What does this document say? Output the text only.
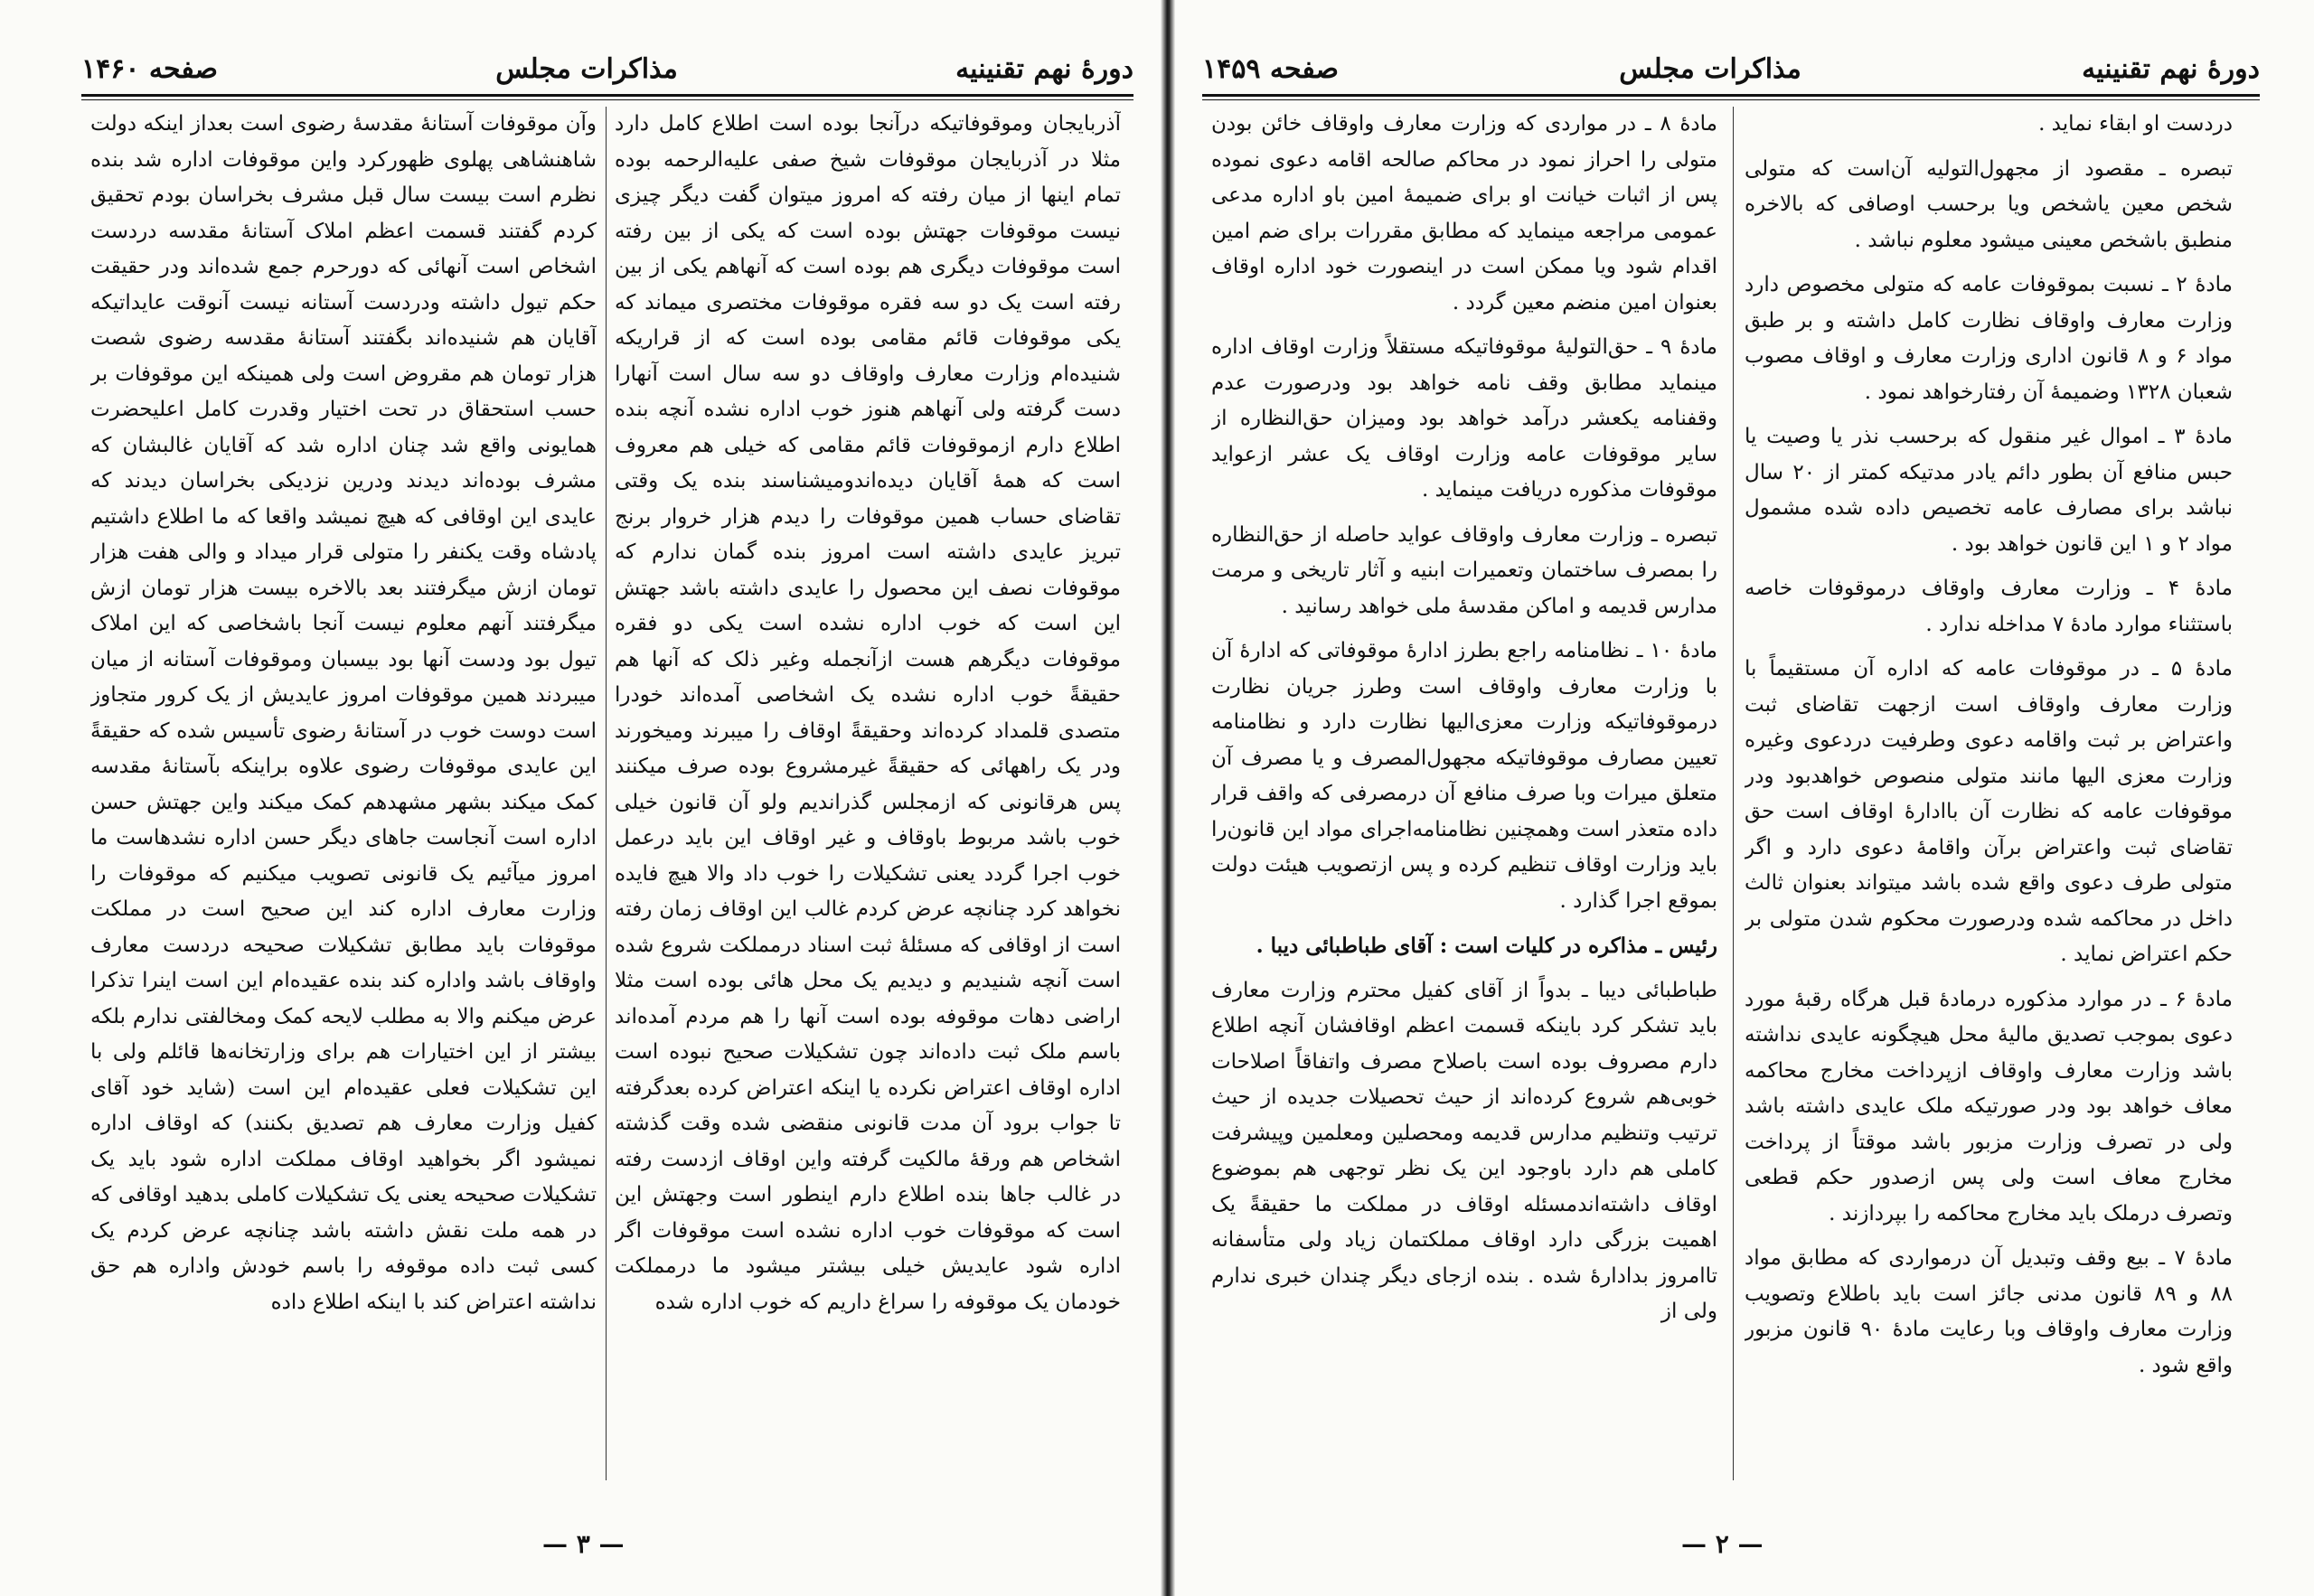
دورهٔ نهم تقنینیه
مذاکرات مجلس
صفحه ۱۴۶۰

آذربایجان وموقوفاتیکه درآنجا بوده است اطلاع کامل دارد مثلا در آذربایجان موقوفات شیخ صفی علیه‌الرحمه بوده تمام اینها از میان رفته که امروز میتوان گفت دیگر چیزی نیست موقوفات جهتش بوده است که یکی از بین رفته است موقوفات دیگری هم بوده است که آنهاهم یکی از بین رفته است یک دو سه فقره موقوفات مختصری میماند که یکی موقوفات قائم مقامی بوده است که از قراریکه شنیده‌ام وزارت معارف واوقاف دو سه سال است آنهارا دست گرفته ولی آنهاهم هنوز خوب اداره نشده آنچه بنده اطلاع دارم ازموقوفات قائم مقامی که خیلی هم معروف است که همهٔ آقایان دیده‌اندومیشناسند بنده یک وقتی تقاضای حساب همین موقوفات را دیدم هزار خروار برنج تبریز عایدی داشته است امروز بنده گمان ندارم که موقوفات نصف این محصول را عایدی داشته باشد جهتش این است که خوب اداره نشده است یکی دو فقره موقوفات دیگرهم هست ازآنجمله وغیر ذلک که آنها هم حقیقةً خوب اداره نشده یک اشخاصی آمده‌اند خودرا متصدی قلمداد کرده‌اند وحقیقةً اوقاف را میبرند ومیخورند ودر یک راههائی که حقیقةً غیرمشروع بوده صرف میکنند پس هرقانونی که ازمجلس گذراندیم ولو آن قانون خیلی خوب باشد مربوط باوقاف و غیر اوقاف این باید درعمل خوب اجرا گردد یعنی تشکیلات را خوب داد والا هیچ فایده نخواهد کرد چنانچه عرض کردم غالب این اوقاف زمان رفته است از اوقافی که مسئلهٔ ثبت اسناد درمملکت شروع شده است آنچه شنیدیم و دیدیم یک محل هائی بوده است مثلا اراضی دهات موقوفه بوده است آنها را هم مردم آمده‌اند باسم ملک ثبت داده‌اند چون تشکیلات صحیح نبوده است اداره اوقاف اعتراض نکرده یا اینکه اعتراض کرده بعدگرفته تا جواب برود آن مدت قانونی منقضی شده وقت گذشته اشخاص هم ورقهٔ مالکیت گرفته واین اوقاف ازدست رفته در غالب جاها بنده اطلاع دارم اینطور است وجهتش این است که موقوفات خوب اداره نشده است موقوفات اگر اداره شود عایدیش خیلی بیشتر میشود ما درمملکت خودمان یک موقوفه را سراغ داریم که خوب اداره شده

وآن موقوفات آستانهٔ مقدسهٔ رضوی است بعداز اینکه دولت شاهنشاهی پهلوی ظهورکرد واین موقوفات اداره شد بنده نظرم است بیست سال قبل مشرف بخراسان بودم تحقیق کردم گفتند قسمت اعظم املاک آستانهٔ مقدسه دردست اشخاص است آنهائی که دورحرم جمع شده‌اند ودر حقیقت حکم تیول داشته ودردست آستانه نیست آنوقت عایداتیکه آقایان هم شنیده‌اند بگفتند آستانهٔ مقدسه رضوی شصت هزار تومان هم مقروض است ولی همینکه این موقوفات بر حسب استحقاق در تحت اختیار وقدرت کامل اعلیحضرت همایونی واقع شد چنان اداره شد که آقایان غالبشان که مشرف بوده‌اند دیدند ودرین نزدیکی بخراسان دیدند که عایدی این اوقافی که هیچ نمیشد واقعا که ما اطلاع داشتیم پادشاه وقت یکنفر را متولی قرار میداد و والی هفت هزار تومان ازش میگرفتند بعد بالاخره بیست هزار تومان ازش میگرفتند آنهم معلوم نیست آنجا باشخاصی که این املاک تیول بود ودست آنها بود بیسبان وموقوفات آستانه از میان میبردند همین موقوفات امروز عایدیش از یک کرور متجاوز است دوست خوب در آستانهٔ رضوی تأسیس شده که حقیقةً این عایدی موقوفات رضوی علاوه براینکه بآستانهٔ مقدسه کمک میکند بشهر مشهدهم کمک میکند واین جهتش حسن اداره است آنجاست جاهای دیگر حسن اداره نشدهاست ما امروز میآئیم یک قانونی تصویب میکنیم که موقوفات را وزارت معارف اداره کند این صحیح است در مملکت موقوفات باید مطابق تشکیلات صحیحه دردست معارف واوقاف باشد واداره کند بنده عقیده‌ام این است اینرا تذکرا عرض میکنم والا به مطلب لایحه کمک ومخالفتی ندارم بلکه بیشتر از این اختیارات هم برای وزارتخانه‌ها قائلم ولی با این تشکیلات فعلی عقیده‌ام این است (شاید خود آقای کفیل وزارت معارف هم تصدیق بکنند) که اوقاف اداره نمیشود اگر بخواهید اوقاف مملکت اداره شود باید یک تشکیلات صحیحه یعنی یک تشکیلات کاملی بدهید اوقافی که در همه ملت نقش داشته باشد چنانچه عرض کردم یک کسی ثبت داده موقوفه را باسم خودش واداره هم حق نداشته اعتراض کند با اینکه اطلاع داده

— ۳ —
دورهٔ نهم تقنینیه
مذاکرات مجلس
صفحه ۱۴۵۹

دردست او ابقاء نماید .

تبصره ـ مقصود از مجهول‌التولیه آن‌است که متولی شخص معین یاشخص ویا برحسب اوصافی که بالاخره منطبق باشخص معینی میشود معلوم نباشد .

مادهٔ ۲ ـ نسبت بموقوفات عامه که متولی مخصوص دارد وزارت معارف واوقاف نظارت کامل داشته و بر طبق مواد ۶ و ۸ قانون اداری وزارت معارف و اوقاف مصوب شعبان ۱۳۲۸ وضمیمهٔ آن رفتارخواهد نمود .

مادهٔ ۳ ـ اموال غیر منقول که برحسب نذر یا وصیت یا حبس منافع آن بطور دائم یادر مدتیکه کمتر از ۲۰ سال نباشد برای مصارف عامه تخصیص داده شده مشمول مواد ۲ و ۱ این قانون خواهد بود .

مادهٔ ۴ ـ وزارت معارف واوقاف درموقوفات خاصه باستثناء موارد مادهٔ ۷ مداخله ندارد .

مادهٔ ۵ ـ در موقوفات عامه که اداره آن مستقیماً با وزارت معارف واوقاف است ازجهت تقاضای ثبت واعتراض بر ثبت واقامه دعوی وطرفیت دردعوی وغیره وزارت معزی الیها مانند متولی منصوص خواهدبود ودر موقوفات عامه که نظارت آن باادارهٔ اوقاف است حق تقاضای ثبت واعتراض برآن واقامهٔ دعوی دارد و اگر متولی طرف دعوی واقع شده باشد میتواند بعنوان ثالث داخل در محاکمه شده ودرصورت محکوم شدن متولی بر حکم اعتراض نماید .

مادهٔ ۶ ـ در موارد مذکوره درمادهٔ قبل هرگاه رقبهٔ مورد دعوی بموجب تصدیق مالیهٔ محل هیچگونه عایدی نداشته باشد وزارت معارف واوقاف ازپرداخت مخارج محاکمه معاف خواهد بود ودر صورتیکه ملک عایدی داشته باشد ولی در تصرف وزارت مزبور باشد موقتاً از پرداخت مخارج معاف است ولی پس ازصدور حکم قطعی وتصرف درملک باید مخارج محاکمه را بپردازند .

مادهٔ ۷ ـ بیع وقف وتبدیل آن درمواردی که مطابق مواد ۸۸ و ۸۹ قانون مدنی جائز است باید باطلاع وتصویب وزارت معارف واوقاف وبا رعایت مادهٔ ۹۰ قانون مزبور واقع شود .

مادهٔ ۸ ـ در مواردی که وزارت معارف واوقاف خائن بودن متولی را احراز نمود در محاکم صالحه اقامه دعوی نموده پس از اثبات خیانت او برای ضمیمهٔ امین باو اداره مدعی عمومی مراجعه مینماید که مطابق مقررات برای ضم امین اقدام شود ویا ممکن است در اینصورت خود اداره اوقاف بعنوان امین منضم معین گردد .

مادهٔ ۹ ـ حق‌التولیهٔ موقوفاتیکه مستقلاً وزارت اوقاف اداره مینماید مطابق وقف نامه خواهد بود ودرصورت عدم وقفنامه یکعشر درآمد خواهد بود ومیزان حق‌النظاره از سایر موقوفات عامه وزارت اوقاف یک عشر ازعواید موقوفات مذکوره دریافت مینماید .

تبصره ـ وزارت معارف واوقاف عواید حاصله از حق‌النظاره را بمصرف ساختمان وتعمیرات ابنیه و آثار تاریخی و مرمت مدارس قدیمه و اماکن مقدسهٔ ملی خواهد رسانید .

مادهٔ ۱۰ ـ نظامنامه راجع بطرز ادارهٔ موقوفاتی که ادارهٔ آن با وزارت معارف واوقاف است وطرز جریان نظارت درموقوفاتیکه وزارت معزی‌الیها نظارت دارد و نظامنامه تعیین مصارف موقوفاتیکه مجهول‌المصرف و یا مصرف آن متعلق میرات وبا صرف منافع آن درمصرفی که واقف قرار داده متعذر است وهمچنین نظامنامه‌اجرای مواد این قانون‌را باید وزارت اوقاف تنظیم کرده و پس ازتصویب هیئت دولت بموقع اجرا گذارد .

رئیس ـ مذاکره در کلیات است : آقای طباطبائی دیبا .

طباطبائی دیبا ـ بدواً از آقای کفیل محترم وزارت معارف باید تشکر کرد باینکه قسمت اعظم اوقافشان آنچه اطلاع دارم مصروف بوده است باصلاح مصرف واتفاقاً اصلاحات خوبی‌هم شروع کرده‌اند از حیث تحصیلات جدیده از حیث ترتیب وتنظیم مدارس قدیمه ومحصلین ومعلمین وپیشرفت کاملی هم دارد باوجود این یک نظر توجهی هم بموضوع اوقاف داشته‌اندمسئله اوقاف در مملکت ما حقیقةً یک اهمیت بزرگی دارد اوقاف مملکتمان زیاد ولی متأسفانه تاامروز بدادارهٔ شده . بنده ازجای دیگر چندان خبری ندارم ولی از

— ۲ —
